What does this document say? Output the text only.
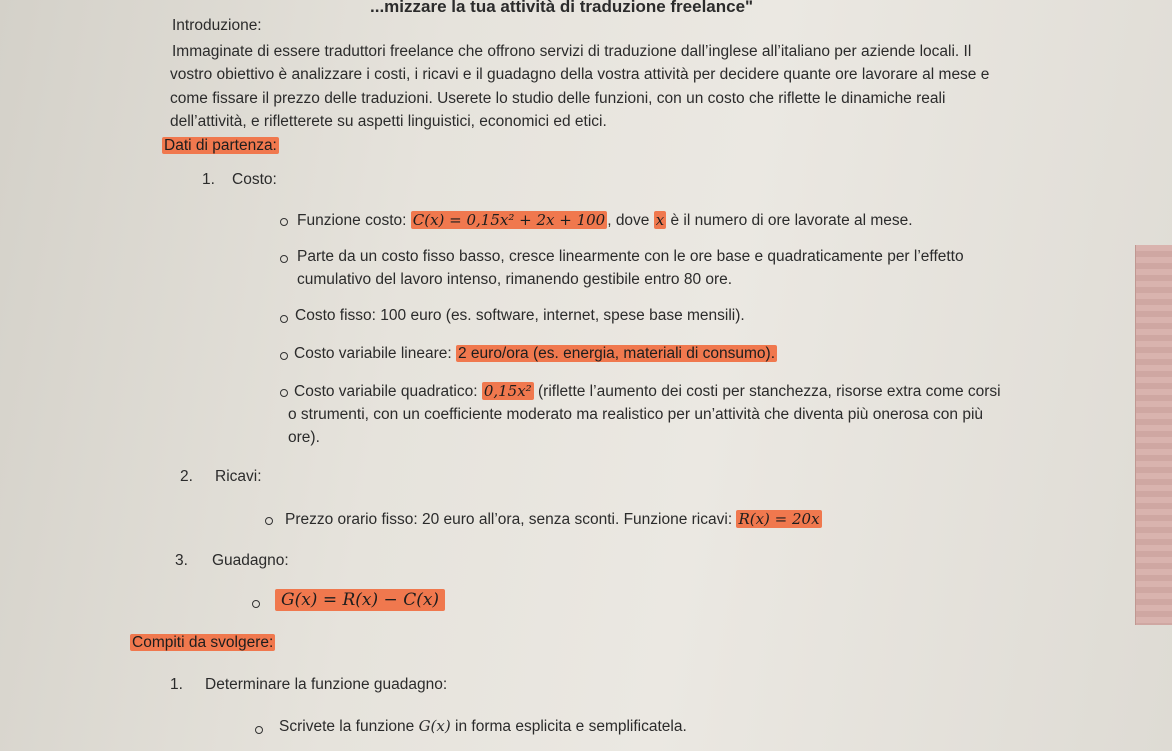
...mizzare la tua attività di traduzione freelance"
Introduzione:
Immaginate di essere traduttori freelance che offrono servizi di traduzione dall’inglese all’italiano per aziende locali. Il
vostro obiettivo è analizzare i costi, i ricavi e il guadagno della vostra attività per decidere quante ore lavorare al mese e
come fissare il prezzo delle traduzioni. Userete lo studio delle funzioni, con un costo che riflette le dinamiche reali
dell’attività, e rifletterete su aspetti linguistici, economici ed etici.
Dati di partenza:
1. Costo:
Funzione costo: C(x) = 0,15x² + 2x + 100 , dove x è il numero di ore lavorate al mese.
Parte da un costo fisso basso, cresce linearmente con le ore base e quadraticamente per l’effetto
cumulativo del lavoro intenso, rimanendo gestibile entro 80 ore.
Costo fisso: 100 euro (es. software, internet, spese base mensili).
Costo variabile lineare: 2 euro/ora (es. energia, materiali di consumo).
Costo variabile quadratico: 0,15x² (riflette l’aumento dei costi per stanchezza, risorse extra come corsi
o strumenti, con un coefficiente moderato ma realistico per un’attività che diventa più onerosa con più
ore).
2. Ricavi:
Prezzo orario fisso: 20 euro all’ora, senza sconti. Funzione ricavi: R(x) = 20x
3. Guadagno:
G(x) = R(x) − C(x)
Compiti da svolgere:
1. Determinare la funzione guadagno:
Scrivete la funzione G(x) in forma esplicita e semplificatela.
